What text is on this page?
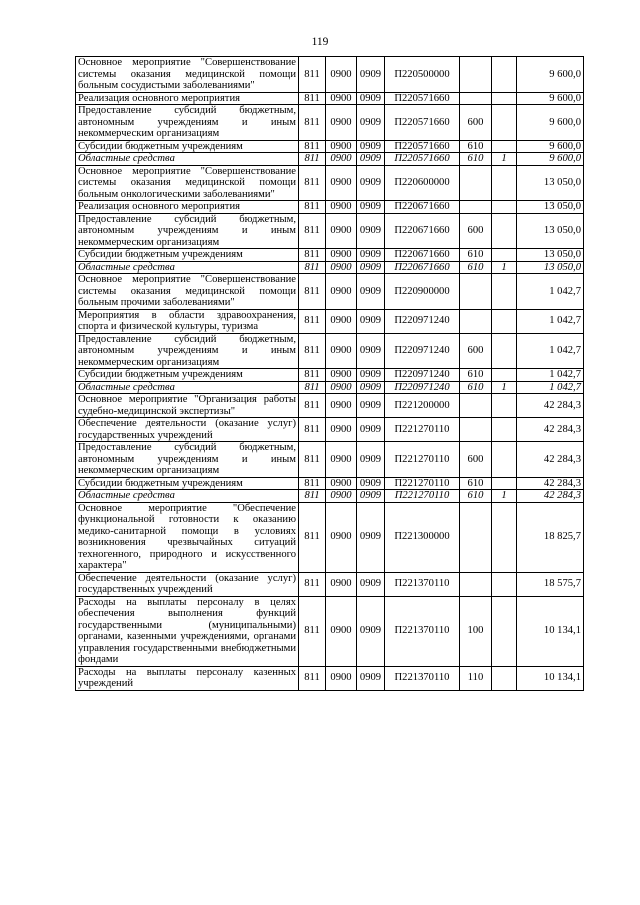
119
Основное мероприятие "Совершенствование системы оказания медицинской помощи больным сосудистыми заболеваниями"	811	0900	0909	П220500000			9 600,0
Реализация основного мероприятия	811	0900	0909	П220571660			9 600,0
Предоставление субсидий бюджетным, автономным учреждениям и иным некоммерческим организациям	811	0900	0909	П220571660	600		9 600,0
Субсидии бюджетным учреждениям	811	0900	0909	П220571660	610		9 600,0
Областные средства	811	0900	0909	П220571660	610	1	9 600,0
Основное мероприятие "Совершенствование системы оказания медицинской помощи больным онкологическими заболеваниями"	811	0900	0909	П220600000			13 050,0
Реализация основного мероприятия	811	0900	0909	П220671660			13 050,0
Предоставление субсидий бюджетным, автономным учреждениям и иным некоммерческим организациям	811	0900	0909	П220671660	600		13 050,0
Субсидии бюджетным учреждениям	811	0900	0909	П220671660	610		13 050,0
Областные средства	811	0900	0909	П220671660	610	1	13 050,0
Основное мероприятие "Совершенствование системы оказания медицинской помощи больным прочими заболеваниями"	811	0900	0909	П220900000			1 042,7
Мероприятия в области здравоохранения, спорта и физической культуры, туризма	811	0900	0909	П220971240			1 042,7
Предоставление субсидий бюджетным, автономным учреждениям и иным некоммерческим организациям	811	0900	0909	П220971240	600		1 042,7
Субсидии бюджетным учреждениям	811	0900	0909	П220971240	610		1 042,7
Областные средства	811	0900	0909	П220971240	610	1	1 042,7
Основное мероприятие "Организация работы судебно-медицинской экспертизы"	811	0900	0909	П221200000			42 284,3
Обеспечение деятельности (оказание услуг) государственных учреждений	811	0900	0909	П221270110			42 284,3
Предоставление субсидий бюджетным, автономным учреждениям и иным некоммерческим организациям	811	0900	0909	П221270110	600		42 284,3
Субсидии бюджетным учреждениям	811	0900	0909	П221270110	610		42 284,3
Областные средства	811	0900	0909	П221270110	610	1	42 284,3
Основное мероприятие "Обеспечение функциональной готовности к оказанию медико-санитарной помощи в условиях возникновения чрезвычайных ситуаций техногенного, природного и искусственного характера"	811	0900	0909	П221300000			18 825,7
Обеспечение деятельности (оказание услуг) государственных учреждений	811	0900	0909	П221370110			18 575,7
Расходы на выплаты персоналу в целях обеспечения выполнения функций государственными (муниципальными) органами, казенными учреждениями, органами управления государственными внебюджетными фондами	811	0900	0909	П221370110	100		10 134,1
Расходы на выплаты персоналу казенных учреждений	811	0900	0909	П221370110	110		10 134,1
